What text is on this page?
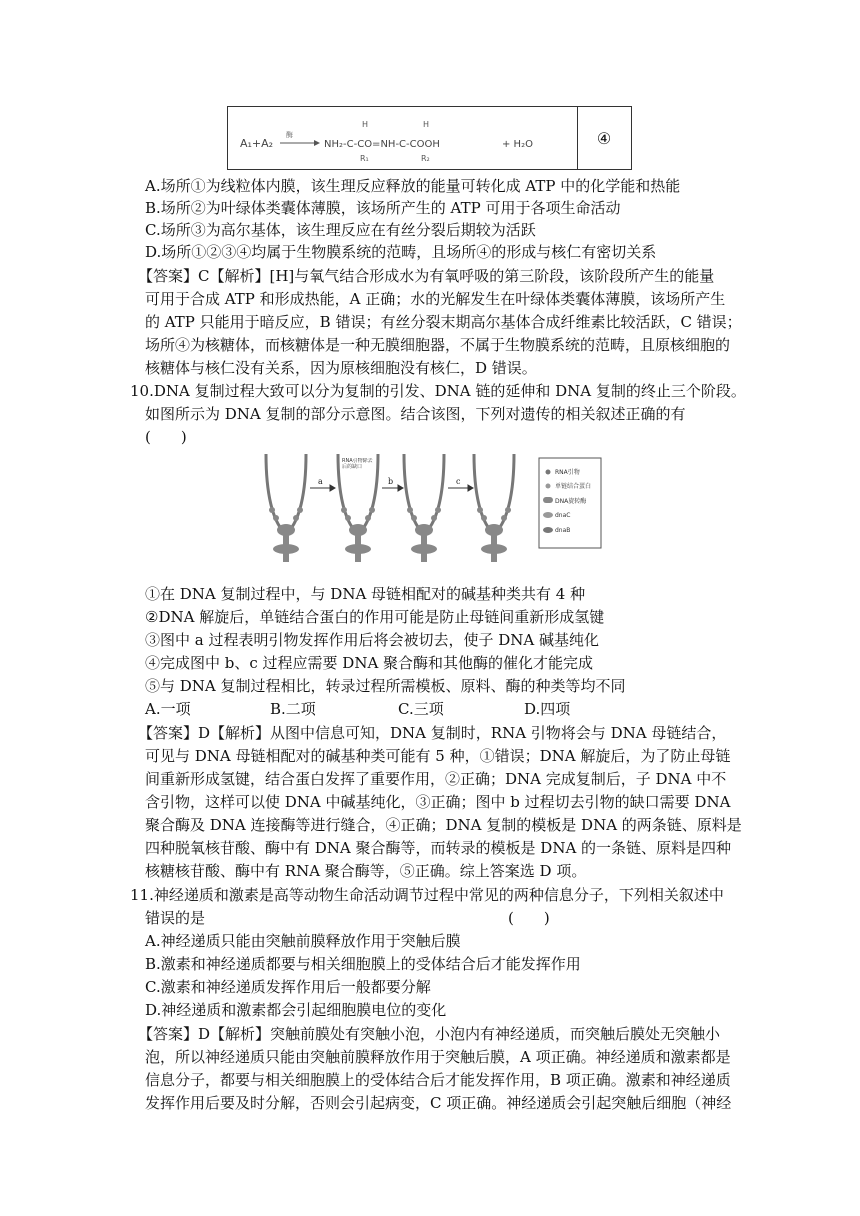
A₁+A₂
酶
NH₂-C-CO=NH-C-COOH
H	H
R₁	R₂
+ H₂O	④
A.场所①为线粒体内膜，该生理反应释放的能量可转化成 ATP 中的化学能和热能
B.场所②为叶绿体类囊体薄膜，该场所产生的 ATP 可用于各项生命活动
C.场所③为高尔基体，该生理反应在有丝分裂后期较为活跃
D.场所①②③④均属于生物膜系统的范畴，且场所④的形成与核仁有密切关系
【答案】C【解析】[H]与氧气结合形成水为有氧呼吸的第三阶段，该阶段所产生的能量
可用于合成 ATP 和形成热能，A 正确；水的光解发生在叶绿体类囊体薄膜，该场所产生
的 ATP 只能用于暗反应，B 错误；有丝分裂末期高尔基体合成纤维素比较活跃，C 错误；
场所④为核糖体，而核糖体是一种无膜细胞器，不属于生物膜系统的范畴，且原核细胞的
核糖体与核仁没有关系，因为原核细胞没有核仁，D 错误。
10.DNA 复制过程大致可以分为复制的引发、DNA 链的延伸和 DNA 复制的终止三个阶段。
如图所示为 DNA 复制的部分示意图。结合该图，下列对遗传的相关叙述正确的有
(　　)
a	b	c
RNA引物除去后的缺口
RNA引物
单链结合蛋白
DNA旋转酶
dnaC
dnaB
①在 DNA 复制过程中，与 DNA 母链相配对的碱基种类共有 4 种
②DNA 解旋后，单链结合蛋白的作用可能是防止母链间重新形成氢键
③图中 a 过程表明引物发挥作用后将会被切去，使子 DNA 碱基纯化
④完成图中 b、c 过程应需要 DNA 聚合酶和其他酶的催化才能完成
⑤与 DNA 复制过程相比，转录过程所需模板、原料、酶的种类等均不同
A.一项	B.二项	C.三项	D.四项
【答案】D【解析】从图中信息可知，DNA 复制时，RNA 引物将会与 DNA 母链结合，
可见与 DNA 母链相配对的碱基种类可能有 5 种，①错误；DNA 解旋后，为了防止母链
间重新形成氢键，结合蛋白发挥了重要作用，②正确；DNA 完成复制后，子 DNA 中不
含引物，这样可以使 DNA 中碱基纯化，③正确；图中 b 过程切去引物的缺口需要 DNA
聚合酶及 DNA 连接酶等进行缝合，④正确；DNA 复制的模板是 DNA 的两条链、原料是
四种脱氧核苷酸、酶中有 DNA 聚合酶等，而转录的模板是 DNA 的一条链、原料是四种
核糖核苷酸、酶中有 RNA 聚合酶等，⑤正确。综上答案选 D 项。
11.神经递质和激素是高等动物生命活动调节过程中常见的两种信息分子，下列相关叙述中
错误的是	(　　)
A.神经递质只能由突触前膜释放作用于突触后膜
B.激素和神经递质都要与相关细胞膜上的受体结合后才能发挥作用
C.激素和神经递质发挥作用后一般都要分解
D.神经递质和激素都会引起细胞膜电位的变化
【答案】D【解析】突触前膜处有突触小泡，小泡内有神经递质，而突触后膜处无突触小
泡，所以神经递质只能由突触前膜释放作用于突触后膜，A 项正确。神经递质和激素都是
信息分子，都要与相关细胞膜上的受体结合后才能发挥作用，B 项正确。激素和神经递质
发挥作用后要及时分解，否则会引起病变，C 项正确。神经递质会引起突触后细胞（神经
